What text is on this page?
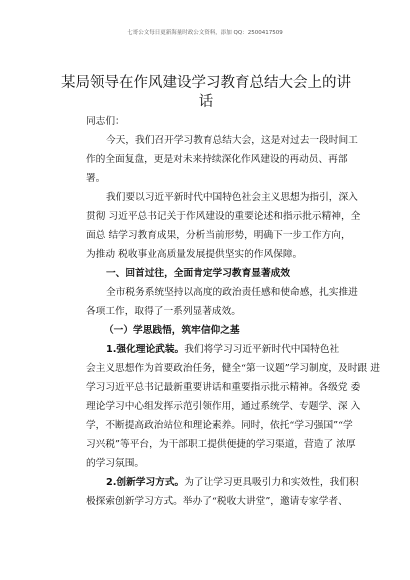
七哥公文每日更新海量时政公文资料，添加 QQ：2500417509
某局领导在作风建设学习教育总结大会上的讲
话

同志们：

今天，我们召开学习教育总结大会，这是对过去一段时间工

作的全面复盘，更是对未来持续深化作风建设的再动员、再部

署。

我们要以习近平新时代中国特色社会主义思想为指引，深入

贯彻 习近平总书记关于作风建设的重要论述和指示批示精神，全

面总 结学习教育成果，分析当前形势，明确下一步工作方向，

为推动 税收事业高质量发展提供坚实的作风保障。

一、回首过往，全面肯定学习教育显著成效

全市税务系统坚持以高度的政治责任感和使命感，扎实推进

各项工作，取得了一系列显著成效。

（一）学思践悟，筑牢信仰之基

1.强化理论武装。我们将学习习近平新时代中国特色社

会主义思想作为首要政治任务，健全“第一议题”学习制度，及时跟 进

学习习近平总书记最新重要讲话和重要指示批示精神。各级党 委

理论学习中心组发挥示范引领作用，通过系统学、专题学、深 入

学，不断提高政治站位和理论素养。同时，依托“学习强国”“学

习兴税”等平台，为干部职工提供便捷的学习渠道，营造了 浓厚

的学习氛围。

2.创新学习方式。为了让学习更具吸引力和实效性，我们积

极探索创新学习方式。举办了“税收大讲堂”，邀请专家学者、
